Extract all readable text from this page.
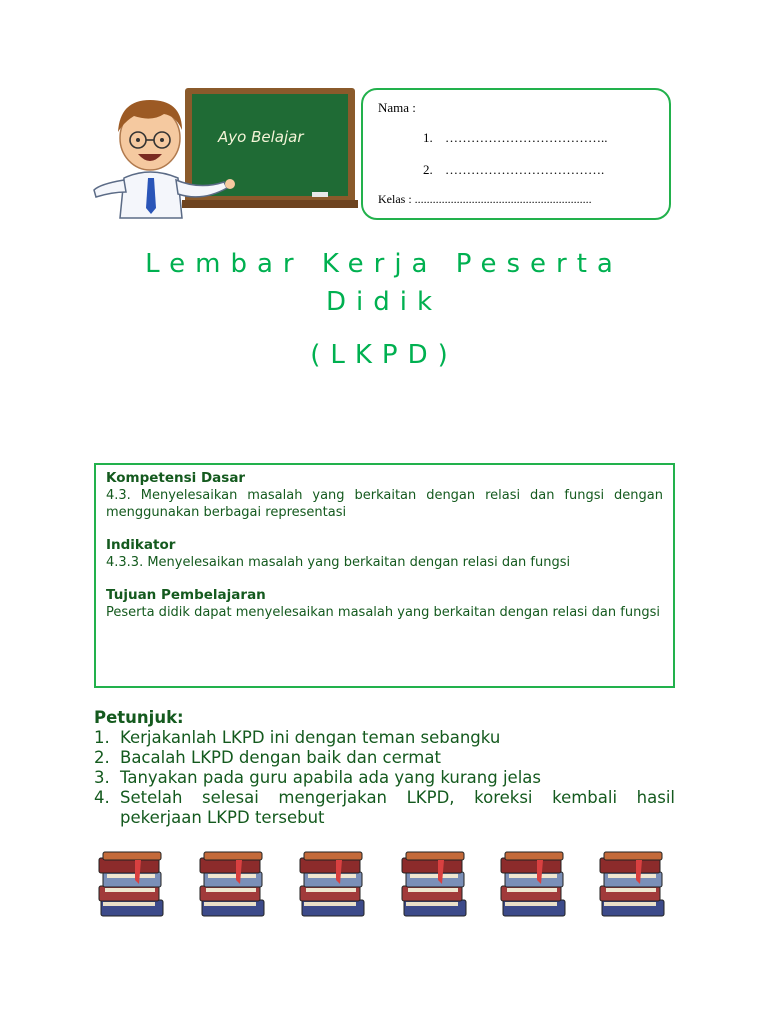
Ayo Belajar
Nama :
1. ………………………………..
2. ……………………………….
Kelas : ...........................................................
Lembar Kerja Peserta
Didik
(LKPD)
Kompetensi Dasar
4.3. Menyelesaikan masalah yang berkaitan dengan relasi dan fungsi dengan menggunakan berbagai representasi
Indikator
4.3.3. Menyelesaikan masalah yang berkaitan dengan relasi dan fungsi
Tujuan Pembelajaran
Peserta didik dapat menyelesaikan masalah yang berkaitan dengan relasi dan fungsi
Petunjuk:
1. Kerjakanlah LKPD ini dengan teman sebangku
2. Bacalah LKPD dengan baik dan cermat
3. Tanyakan pada guru apabila ada yang kurang jelas
4. Setelah selesai mengerjakan LKPD, koreksi kembali hasil pekerjaan LKPD tersebut
